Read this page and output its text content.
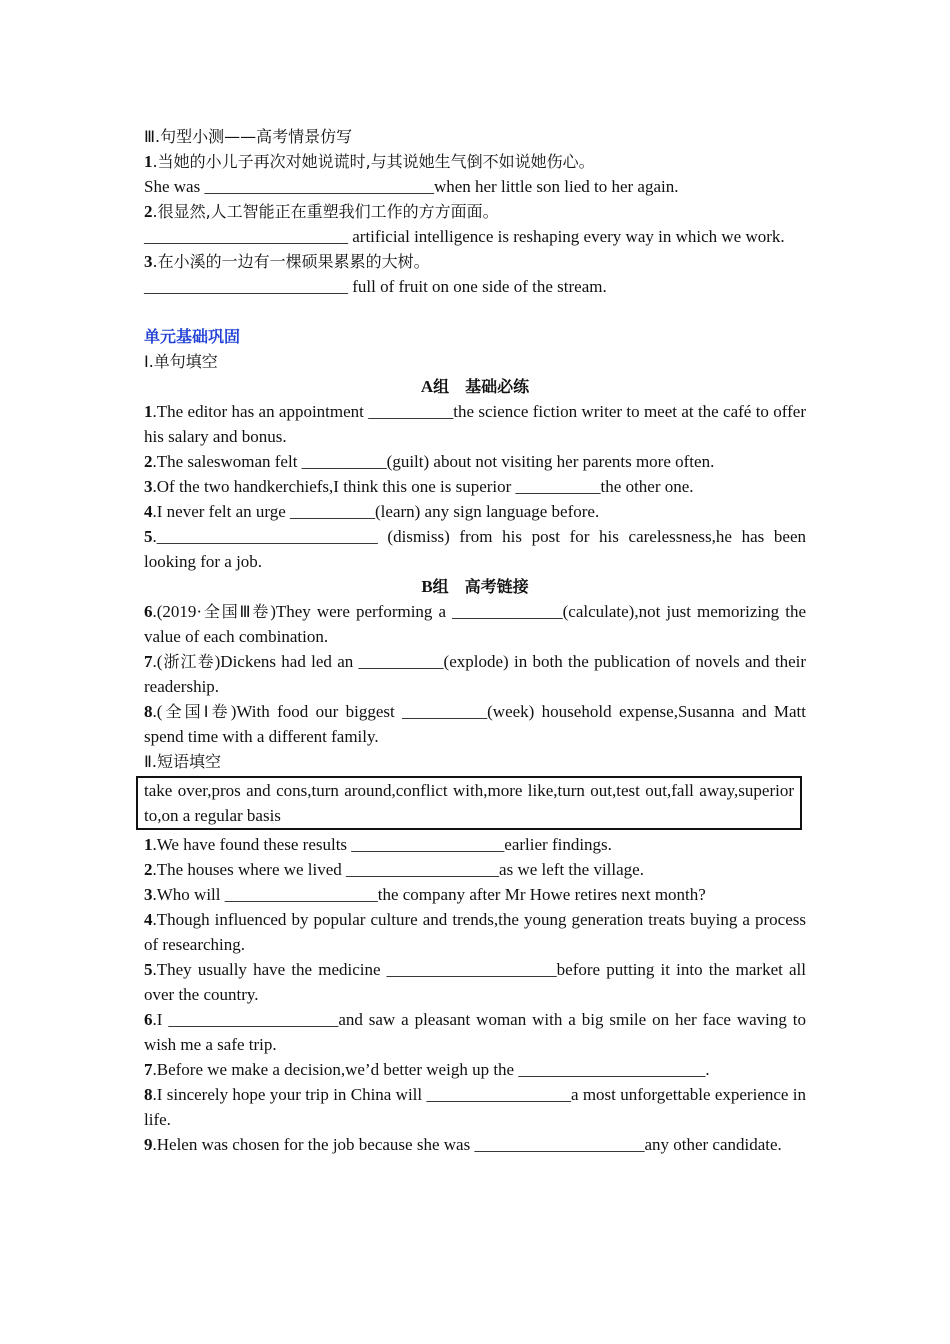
Ⅲ.句型小测——高考情景仿写
1.当她的小儿子再次对她说谎时,与其说她生气倒不如说她伤心。
She was ___________________________when her little son lied to her again.
2.很显然,人工智能正在重塑我们工作的方方面面。
________________________ artificial intelligence is reshaping every way in which we work.
3.在小溪的一边有一棵硕果累累的大树。
________________________ full of fruit on one side of the stream.
单元基础巩固
I.单句填空
A组　基础必练
1.The editor has an appointment __________the science fiction writer to meet at the café to offer his salary and bonus.
2.The saleswoman felt __________(guilt) about not visiting her parents more often.
3.Of the two handkerchiefs,I think this one is superior __________the other one.
4.I never felt an urge __________(learn) any sign language before.
5.__________________________ (dismiss) from his post for his carelessness,he has been looking for a job.
B组　高考链接
6.(2019·全国Ⅲ卷)They were performing a _____________(calculate),not just memorizing the value of each combination.
7.(浙江卷)Dickens had led an __________(explode) in both the publication of novels and their readership.
8.(全国Ⅰ卷)With food our biggest __________(week) household expense,Susanna and Matt spend time with a different family.
Ⅱ.短语填空
take over,pros and cons,turn around,conflict with,more like,turn out,test out,fall away,superior to,on a regular basis
1.We have found these results __________________earlier findings.
2.The houses where we lived __________________as we left the village.
3.Who will __________________the company after Mr Howe retires next month?
4.Though influenced by popular culture and trends,the young generation treats buying a process of researching.
5.They usually have the medicine ____________________before putting it into the market all over the country.
6.I ____________________and saw a pleasant woman with a big smile on her face waving to wish me a safe trip.
7.Before we make a decision,we’d better weigh up the ______________________.
8.I sincerely hope your trip in China will _________________a most unforgettable experience in life.
9.Helen was chosen for the job because she was ____________________any other candidate.
